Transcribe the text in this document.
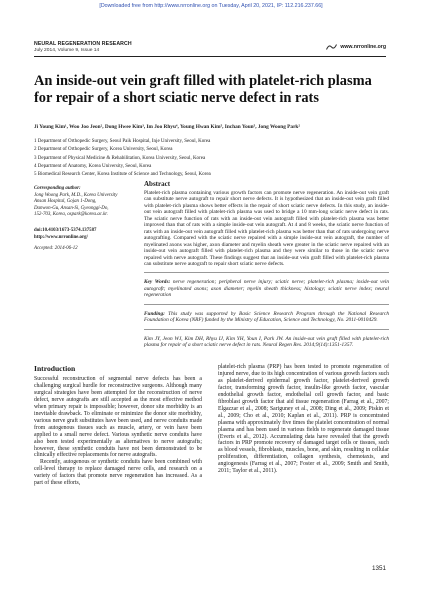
[Downloaded free from http://www.nrronline.org on Tuesday, April 20, 2021, IP: 112.216.237.66]
NEURAL REGENERATION RESEARCH
July 2014, Volume 9, Issue 14
www.nrronline.org
An inside-out vein graft filled with platelet-rich plasma for repair of a short sciatic nerve defect in rats
Ji Young Kim¹, Woo Joo Jeon², Dong Hwee Kim³, Im Joo Rhyu⁴, Young Hwan Kim⁵, Inchan Youn⁵, Jong Woong Park²
1 Department of Orthopedic Surgery, Seoul Paik Hospital, Inje University, Seoul, Korea
2 Department of Orthopedic Surgery, Korea University, Seoul, Korea
3 Department of Physical Medicine & Rehabilitation, Korea University, Seoul, Korea
4 Department of Anatomy, Korea University, Seoul, Korea
5 Biomedical Research Center, Korea Institute of Science and Technology, Seoul, Korea
Corresponding author:
Jong Woong Park, M.D., Korea University
Ansan Hospital, Gojan 1-Dong,
Danwon-Gu, Ansan-Si, Gyeonggi-Do,
152-703, Korea, ospark@korea.ac.kr.
doi:10.4103/1673-5374.137587
http://www.nrronline.org/
Accepted: 2014-06-12
Abstract

Platelet-rich plasma containing various growth factors can promote nerve regeneration. An inside-out vein graft can substitute nerve autograft to repair short nerve defects. It is hypothesized that an inside-out vein graft filled with platelet-rich plasma shows better effects in the repair of short sciatic nerve defects. In this study, an inside-out vein autograft filled with platelet-rich plasma was used to bridge a 10 mm-long sciatic nerve defect in rats. The sciatic nerve function of rats with an inside-out vein autograft filled with platelet-rich plasma was better improved than that of rats with a simple inside-out vein autograft. At 4 and 8 weeks, the sciatic nerve function of rats with an inside-out vein autograft filled with platelet-rich plasma was better than that of rats undergoing nerve autografting. Compared with the sciatic nerve repaired with a simple inside-out vein autograft, the number of myelinated axons was higher, axon diameter and myelin sheath were greater in the sciatic nerve repaired with an inside-out vein autograft filled with platelet-rich plasma and they were similar to those in the sciatic nerve repaired with nerve autograft. These findings suggest that an inside-out vein graft filled with platelet-rich plasma can substitute nerve autograft to repair short sciatic nerve defects.

Key Words: nerve regeneration; peripheral nerve injury; sciatic nerve; platelet-rich plasma; inside-out vein autograft; myelinated axons; axon diameter; myelin sheath thickness; histology; sciatic nerve index; neural regeneration
Funding: This study was supported by Basic Science Research Program through the National Research Foundation of Korea (NRF) funded by the Ministry of Education, Science and Technology, No. 2011-0010429.
Kim JY, Jeon WJ, Kim DH, Rhyu IJ, Kim YH, Youn I, Park JW. An inside-out vein graft filled with platelet-rich plasma for repair of a short sciatic nerve defect in rats. Neural Regen Res. 2014;9(14):1351-1357.
Introduction

Successful reconstruction of segmental nerve defects has been a challenging surgical hurdle for reconstructive surgeons. Although many surgical strategies have been attempted for the reconstruction of nerve defect, nerve autografts are still accepted as the most effective method when primary repair is impossible; however, donor site morbidity is an inevitable drawback. To eliminate or minimize the donor site morbidity, various nerve graft substitutes have been used, and nerve conduits made from autogenous tissues such as muscle, artery, or vein have been applied to a small nerve defect. Various synthetic nerve conduits have also been tested experimentally as alternatives to nerve autografts; however, these synthetic conduits have not been demonstrated to be clinically effective replacements for nerve autografts.

Recently, autogenous or synthetic conduits have been combined with cell-level therapy to replace damaged nerve cells, and research on a variety of factors that promote nerve regeneration has increased. As a part of these efforts,

platelet-rich plasma (PRP) has been tested to promote regeneration of injured nerve, due to its high concentration of various growth factors such as platelet-derived epidermal growth factor, platelet-derived growth factor, transforming growth factor, insulin-like growth factor, vascular endothelial growth factor, endothelial cell growth factor, and basic fibroblast growth factor that aid tissue regeneration (Farrag et al., 2007; Elgazzar et al., 2008; Sariguney et al., 2008; Ding et al., 2009; Piskin et al., 2009; Cho et al., 2010; Kaplan et al., 2011). PRP is concentrated plasma with approximately five times the platelet concentration of normal plasma and has been used in various fields to regenerate damaged tissue (Everts et al., 2012). Accumulating data have revealed that the growth factors in PRP promote recovery of damaged target cells or tissues, such as blood vessels, fibroblasts, muscles, bone, and skin, resulting in cellular proliferation, differentiation, collagen synthesis, chemotaxis, and angiogenesis (Farrag et al., 2007; Foster et al., 2009; Smith and Smith, 2011; Taylor et al., 2011).

1351
